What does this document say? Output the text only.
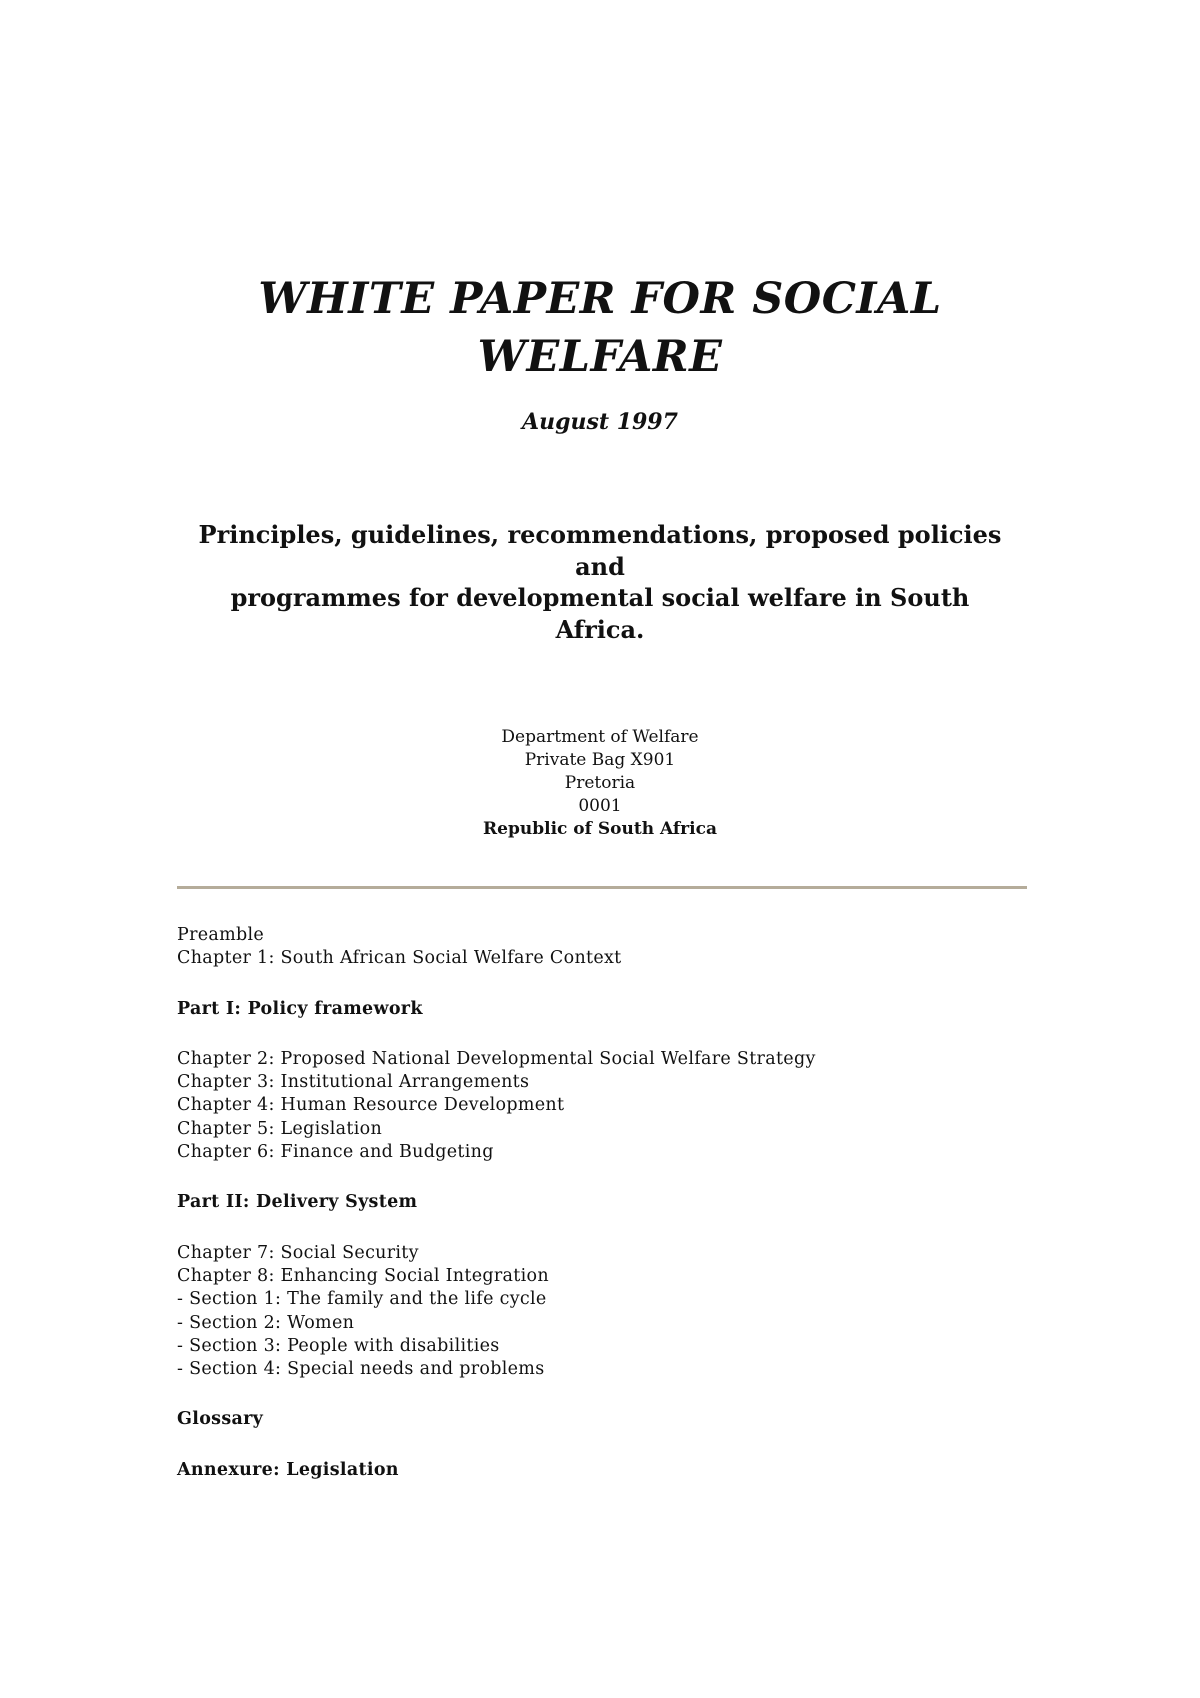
WHITE PAPER FOR SOCIAL
WELFARE
August 1997
Principles, guidelines, recommendations, proposed policies
and
programmes for developmental social welfare in South
Africa.
Department of Welfare
Private Bag X901
Pretoria
0001
Republic of South Africa
Preamble
Chapter 1: South African Social Welfare Context
Part I: Policy framework
Chapter 2: Proposed National Developmental Social Welfare Strategy
Chapter 3: Institutional Arrangements
Chapter 4: Human Resource Development
Chapter 5: Legislation
Chapter 6: Finance and Budgeting
Part II: Delivery System
Chapter 7: Social Security
Chapter 8: Enhancing Social Integration
- Section 1: The family and the life cycle
- Section 2: Women
- Section 3: People with disabilities
- Section 4: Special needs and problems
Glossary
Annexure: Legislation
